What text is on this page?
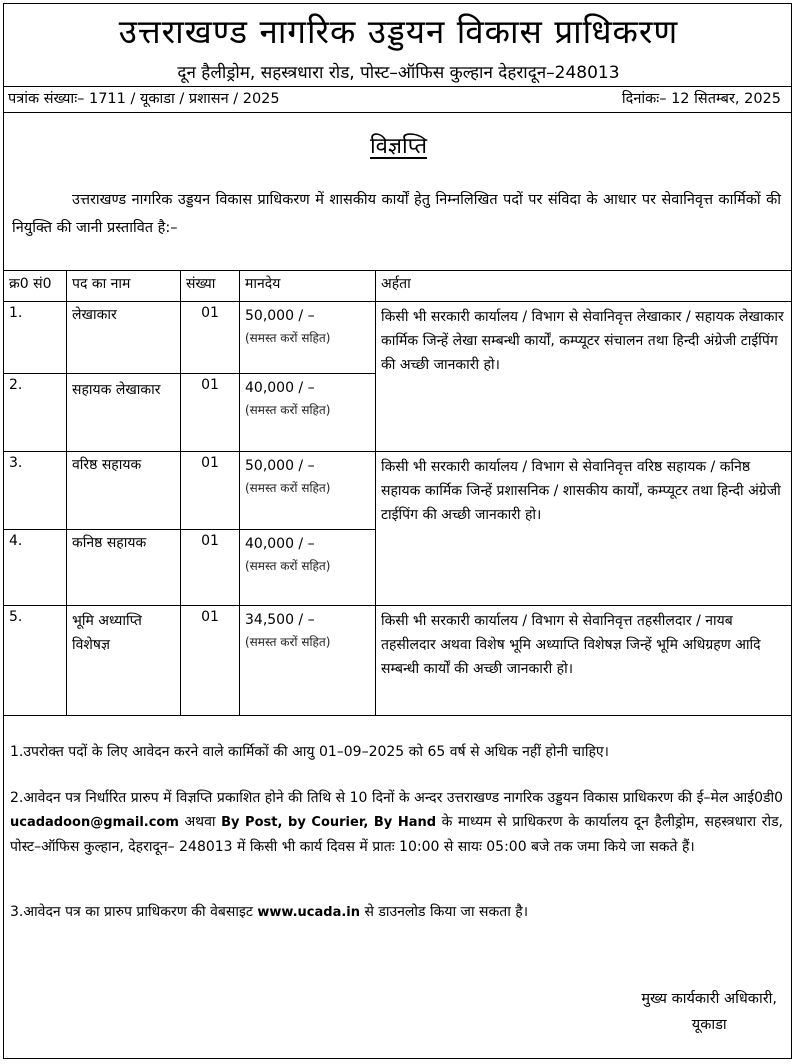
उत्तराखण्ड नागरिक उड्डयन विकास प्राधिकरण
दून हैलीड्रोम, सहस्त्रधारा रोड, पोस्ट–ऑफिस कुल्हान देहरादून–248013
पत्रांक संख्याः– 1711 / यूकाडा / प्रशासन / 2025	दिनांकः– 12 सितम्बर, 2025
विज्ञप्ति
उत्तराखण्ड नागरिक उड्डयन विकास प्राधिकरण में शासकीय कार्यों हेतु निम्नलिखित पदों पर संविदा के आधार पर सेवानिवृत्त कार्मिकों की नियुक्ति की जानी प्रस्तावित है:–
क्र0 सं0	पद का नाम	संख्या	मानदेय	अर्हता
1.	लेखाकार	01	50,000 / –
(समस्त करों सहित)	किसी भी सरकारी कार्यालय / विभाग से सेवानिवृत्त लेखाकार / सहायक लेखाकार कार्मिक जिन्हें लेखा सम्बन्धी कार्यों, कम्प्यूटर संचालन तथा हिन्दी अंग्रेजी टाईपिंग की अच्छी जानकारी हो।
2.	सहायक लेखाकार	01	40,000 / –
(समस्त करों सहित)	

3.	वरिष्ठ सहायक	01	50,000 / –
(समस्त करों सहित)	किसी भी सरकारी कार्यालय / विभाग से सेवानिवृत्त वरिष्ठ सहायक / कनिष्ठ सहायक कार्मिक जिन्हें प्रशासनिक / शासकीय कार्यों, कम्प्यूटर तथा हिन्दी अंग्रेजी टाईपिंग की अच्छी जानकारी हो।
4.	कनिष्ठ सहायक	01	40,000 / –
(समस्त करों सहित)	

5.	भूमि अध्याप्ति विशेषज्ञ	01	34,500 / –
(समस्त करों सहित)	किसी भी सरकारी कार्यालय / विभाग से सेवानिवृत्त तहसीलदार / नायब तहसीलदार अथवा विशेष भूमि अध्याप्ति विशेषज्ञ जिन्हें भूमि अधिग्रहण आदि सम्बन्धी कार्यों की अच्छी जानकारी हो।
1.उपरोक्त पदों के लिए आवेदन करने वाले कार्मिकों की आयु 01–09–2025 को 65 वर्ष से अधिक नहीं होनी चाहिए।
2.आवेदन पत्र निर्धारित प्रारुप में विज्ञप्ति प्रकाशित होने की तिथि से 10 दिनों के अन्दर उत्तराखण्ड नागरिक उड्डयन विकास प्राधिकरण की ई–मेल आई0डी0 ucadadoon@gmail.com अथवा By Post, by Courier, By Hand के माध्यम से प्राधिकरण के कार्यालय दून हैलीड्रोम, सहस्त्रधारा रोड, पोस्ट–ऑफिस कुल्हान, देहरादून– 248013 में किसी भी कार्य दिवस में प्रातः 10:00 से सायः 05:00 बजे तक जमा किये जा सकते हैं।
3.आवेदन पत्र का प्रारुप प्राधिकरण की वेबसाइट www.ucada.in से डाउनलोड किया जा सकता है।
मुख्य कार्यकारी अधिकारी,
यूकाडा
